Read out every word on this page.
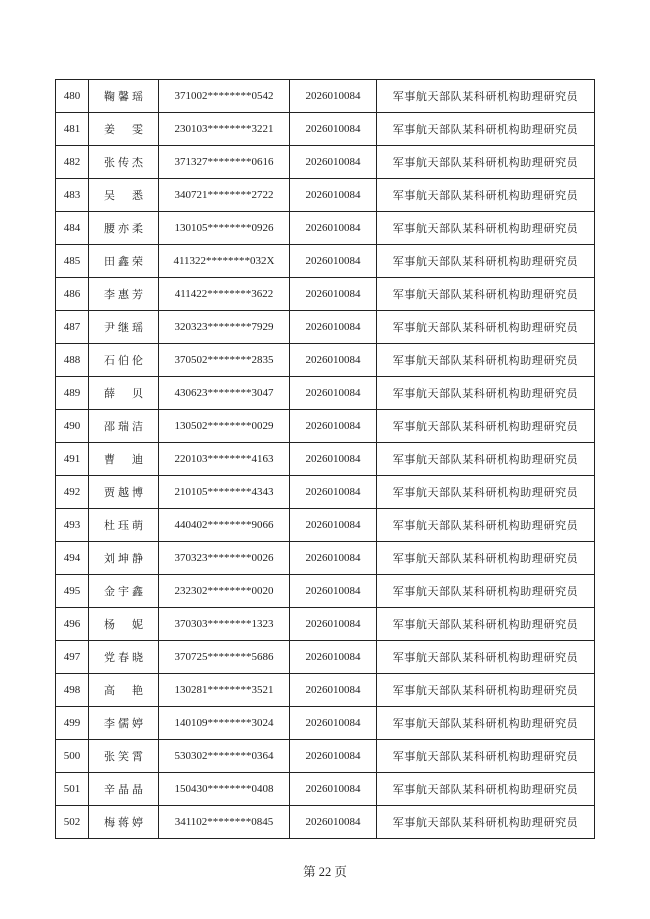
480	鞠馨瑶	371002********0542	2026010084	军事航天部队某科研机构助理研究员
481	姜　雯	230103********3221	2026010084	军事航天部队某科研机构助理研究员
482	张传杰	371327********0616	2026010084	军事航天部队某科研机构助理研究员
483	吴　悉	340721********2722	2026010084	军事航天部队某科研机构助理研究员
484	腰亦柔	130105********0926	2026010084	军事航天部队某科研机构助理研究员
485	田鑫荣	411322********032X	2026010084	军事航天部队某科研机构助理研究员
486	李惠芳	411422********3622	2026010084	军事航天部队某科研机构助理研究员
487	尹继瑶	320323********7929	2026010084	军事航天部队某科研机构助理研究员
488	石伯伦	370502********2835	2026010084	军事航天部队某科研机构助理研究员
489	薛　贝	430623********3047	2026010084	军事航天部队某科研机构助理研究员
490	邵瑞洁	130502********0029	2026010084	军事航天部队某科研机构助理研究员
491	曹　迪	220103********4163	2026010084	军事航天部队某科研机构助理研究员
492	贾越博	210105********4343	2026010084	军事航天部队某科研机构助理研究员
493	杜珏萌	440402********9066	2026010084	军事航天部队某科研机构助理研究员
494	刘坤静	370323********0026	2026010084	军事航天部队某科研机构助理研究员
495	金宇鑫	232302********0020	2026010084	军事航天部队某科研机构助理研究员
496	杨　妮	370303********1323	2026010084	军事航天部队某科研机构助理研究员
497	党春晓	370725********5686	2026010084	军事航天部队某科研机构助理研究员
498	高　艳	130281********3521	2026010084	军事航天部队某科研机构助理研究员
499	李儒婷	140109********3024	2026010084	军事航天部队某科研机构助理研究员
500	张笑霄	530302********0364	2026010084	军事航天部队某科研机构助理研究员
501	辛晶晶	150430********0408	2026010084	军事航天部队某科研机构助理研究员
502	梅蒋婷	341102********0845	2026010084	军事航天部队某科研机构助理研究员
第 22 页
